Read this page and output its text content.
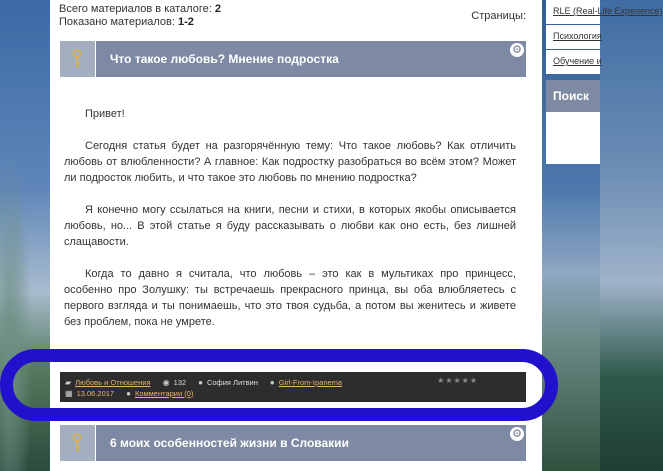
Всего материалов в каталоге: 2
Показано материалов: 1-2	Страницы:
Что такое любовь? Мнение подростка
⚙

Привет!

Сегодня статья будет на разгорячённую тему: Что такое любовь? Как отличить любовь от влюбленности? А главное: Как подростку разобраться во всём этом? Может ли подросток любить, и что такое это любовь по мнению подростка?

Я конечно могу ссылаться на книги, песни и стихи, в которых якобы описывается любовь, но... В этой статье я буду рассказывать о любви как оно есть, без лишней слащавости.

Когда то давно я считала, что любовь – это как в мультиках про принцесс, особенно про Золушку: ты встречаешь прекрасного принца, вы оба влюбляетесь с первого взгляда и ты понимаешь, что это твоя судьба, а потом вы женитесь и живете без проблем, пока не умрете.

▰ Любовь и Отношения ◉ 132 ● София Литвин ● Girl-From-Ipanema
▦ 13.06.2017 ● Комментарии (0)
★★★★★
6 моих особенностей жизни в Словакии
⚙
RLE (Real-Life Experience)
Психология
Обучение и
Поиск
